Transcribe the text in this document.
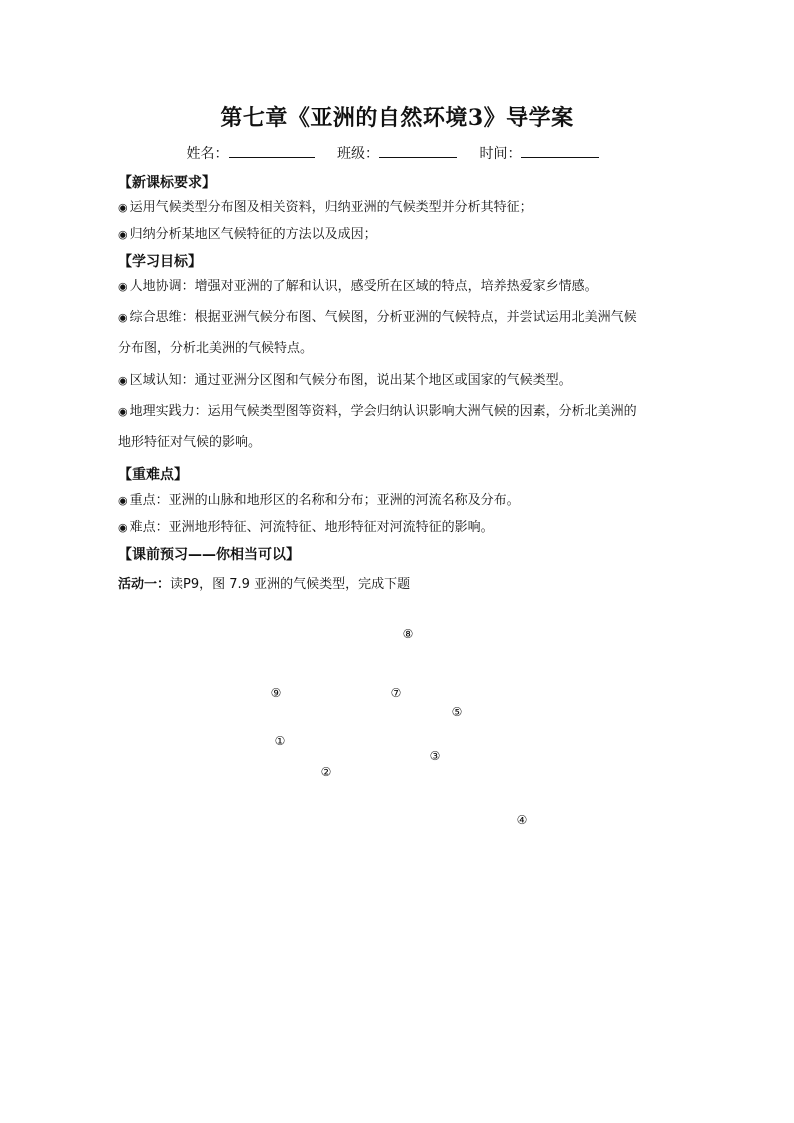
第七章《亚洲的自然环境3》导学案
姓名：	班级：	时间：
【新课标要求】
◉ 运用气候类型分布图及相关资料，归纳亚洲的气候类型并分析其特征；
◉ 归纳分析某地区气候特征的方法以及成因；
【学习目标】
◉ 人地协调：增强对亚洲的了解和认识，感受所在区域的特点，培养热爱家乡情感。
◉ 综合思维：根据亚洲气候分布图、气候图，分析亚洲的气候特点，并尝试运用北美洲气候
分布图，分析北美洲的气候特点。
◉ 区域认知：通过亚洲分区图和气候分布图，说出某个地区或国家的气候类型。
◉ 地理实践力：运用气候类型图等资料，学会归纳认识影响大洲气候的因素，分析北美洲的
地形特征对气候的影响。
【重难点】
◉ 重点：亚洲的山脉和地形区的名称和分布；亚洲的河流名称及分布。
◉ 难点：亚洲地形特征、河流特征、地形特征对河流特征的影响。
【课前预习——你相当可以】
活动一：读P9，图 7.9 亚洲的气候类型，完成下题
⑧
⑨	⑦
⑤
①
③
②
④
